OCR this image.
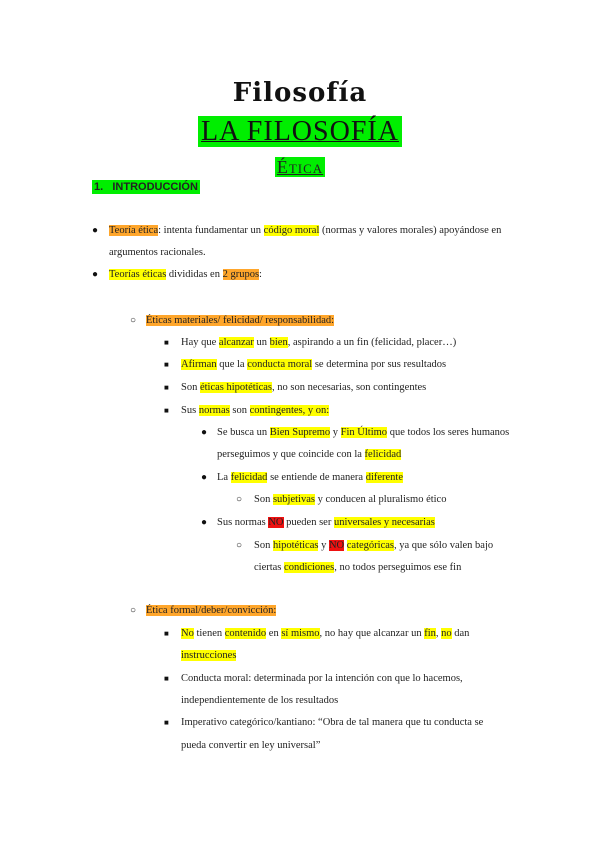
Filosofía
LA FILOSOFÍA
Ética
1. INTRODUCCIÓN
●
●
○
■
■
■
■
●
●
○
●
○
○
■
■
■
Teoría ética: intenta fundamentar un código moral (normas y valores morales) apoyándose en
argumentos racionales.
Teorías éticas divididas en 2 grupos:
Éticas materiales/ felicidad/ responsabilidad:
Hay que alcanzar un bien, aspirando a un fin (felicidad, placer…)
Afirman que la conducta moral se determina por sus resultados
Son éticas hipotéticas, no son necesarias, son contingentes
Sus normas son contingentes, y on:
Se busca un Bien Supremo y Fin Último que todos los seres humanos
perseguimos y que coincide con la felicidad
La felicidad se entiende de manera diferente
Son subjetivas y conducen al pluralismo ético
Sus normas NO pueden ser universales y necesarias
Son hipotéticas y NO categóricas, ya que sólo valen bajo
ciertas condiciones, no todos perseguimos ese fin
Ética formal/deber/convicción:
No tienen contenido en sí mismo, no hay que alcanzar un fin, no dan
instrucciones
Conducta moral: determinada por la intención con que lo hacemos,
independientemente de los resultados
Imperativo categórico/kantiano: “Obra de tal manera que tu conducta se
pueda convertir en ley universal”
